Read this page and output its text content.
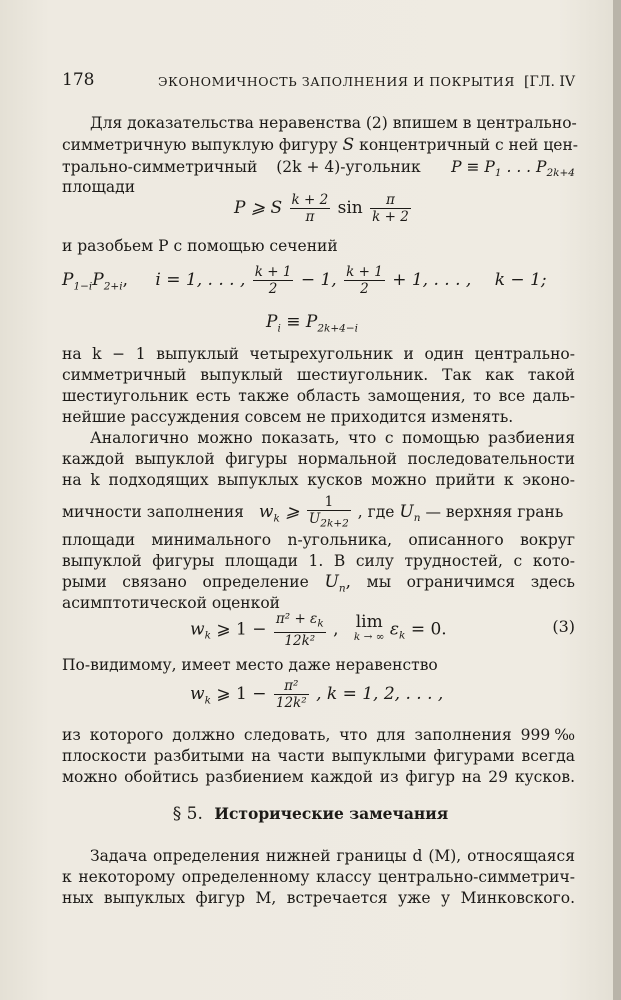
178	ЭКОНОМИЧНОСТЬ ЗАПОЛНЕНИЯ И ПОКРЫТИЯ [ГЛ. IV
Для доказательства неравенства (2) впишем в центрально-
симметричную выпуклую фигуру S концентричный с ней цен-
трально-симметричный (2k + 4)-угольник $P \equiv P_1$ . . . $P_{2k+4}$
площади
P ⩾ S $\frac{k + 2}{\pi}$ $\sin \frac{\pi}{k + 2}$
и разобьем P с помощью сечений
$P_{1-i}P_{2+i}$, i = 1, . . . , $\frac{k + 1}{2} - 1$, $\frac{k + 1}{2} + 1$, . . . , k − 1;
$P_i \equiv P_{2k+4-i}$
на k − 1 выпуклый четырехугольник и один центрально-
симметричный выпуклый шестиугольник. Так как такой
шестиугольник есть также область замощения, то все даль-
нейшие рассуждения совсем не приходится изменять.
Аналогично можно показать, что с помощью разбиения
каждой выпуклой фигуры нормальной последовательности
на k подходящих выпуклых кусков можно прийти к эконо-
мичности заполнения $w_k$ ⩾ $\frac{1}{U_{2k+2}}$ , где $U_n$ — верхняя грань
площади минимального n-угольника, описанного вокруг
выпуклой фигуры площади 1. В силу трудностей, с кото-
рыми связано определение $U_n$, мы ограничимся здесь
асимптотической оценкой
$w_k$ ⩾ $1 - \frac{\pi^2 + \varepsilon_k}{\text{12k²}}$ , lim
k → ∞ $\varepsilon_k = 0$.	(3)
По-видимому, имеет место даже неравенство
$w_k$ ⩾ $1 - \frac{\text{π²}}{\text{12k²}}$ , k = 1, 2, . . . ,
из которого должно следовать, что для заполнения 999‰
плоскости разбитыми на части выпуклыми фигурами всегда
можно обойтись разбиением каждой из фигур на 29 кусков.
§ 5. Исторические замечания
Задача определения нижней границы d (M), относящаяся
к некоторому определенному классу центрально-симметрич-
ных выпуклых фигур M, встречается уже у Минковского.
